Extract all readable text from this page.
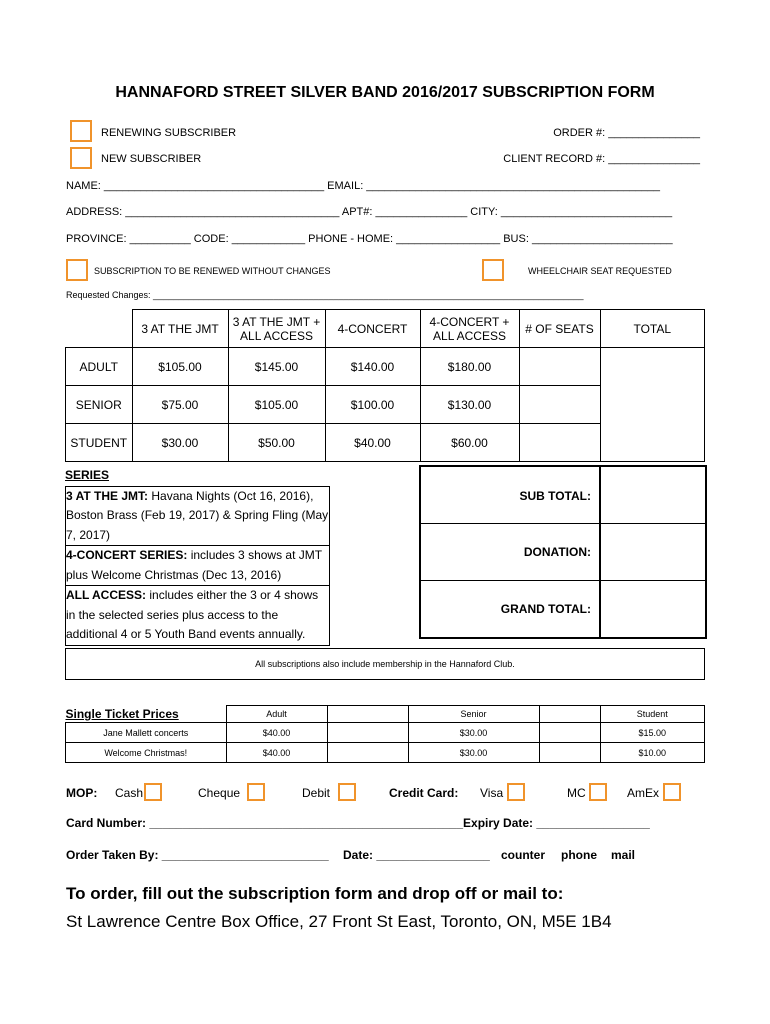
HANNAFORD STREET SILVER BAND 2016/2017 SUBSCRIPTION FORM
RENEWING SUBSCRIBER
NEW SUBSCRIBER
ORDER #: _______________
CLIENT RECORD #: _______________
NAME: ____________________________________ EMAIL: ________________________________________________
ADDRESS: ___________________________________ APT#: _______________ CITY: ____________________________
PROVINCE: __________ CODE: ____________ PHONE - HOME: _________________ BUS: _______________________
SUBSCRIPTION TO BE RENEWED WITHOUT CHANGES	WHEELCHAIR SEAT REQUESTED
Requested Changes: ______________________________________________________________________________________
	3 AT THE JMT	3 AT THE JMT + ALL ACCESS	4-CONCERT	4-CONCERT + ALL ACCESS	# OF SEATS	TOTAL
ADULT	$105.00	$145.00	$140.00	$180.00		
SENIOR	$75.00	$105.00	$100.00	$130.00		
STUDENT	$30.00	$50.00	$40.00	$60.00		
SERIES
3 AT THE JMT: Havana Nights (Oct 16, 2016), Boston Brass (Feb 19, 2017) & Spring Fling (May 7, 2017)
4-CONCERT SERIES: includes 3 shows at JMT plus Welcome Christmas (Dec 13, 2016)
ALL ACCESS: includes either the 3 or 4 shows in the selected series plus access to the additional 4 or 5 Youth Band events annually.
SUB TOTAL:
DONATION:
GRAND TOTAL:
All subscriptions also include membership in the Hannaford Club.
Single Ticket Prices	Adult		Senior		Student
Jane Mallett concerts	$40.00		$30.00		$15.00
Welcome Christmas!	$40.00		$30.00		$10.00
MOP: Cash	Cheque	Debit	Credit Card: Visa	MC	AmEx
Card Number: _______________________________________________Expiry Date: _________________
Order Taken By: _________________________ Date: _________________ counter phone mail
To order, fill out the subscription form and drop off or mail to:
St Lawrence Centre Box Office, 27 Front St East, Toronto, ON, M5E 1B4
